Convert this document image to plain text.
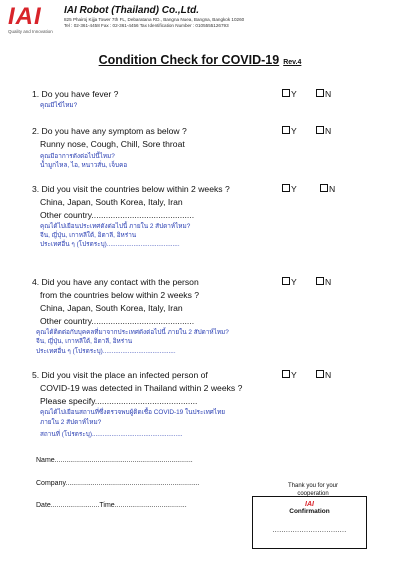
IAI
Quality and Innovation
IAI Robot (Thailand) Co.,Ltd.
825 Phairoj Kijja Tower 7th FL, Debaratana RD., Bangna Nuea, Bangna, Bangkok 10260
Tel : 02-361-4458 Fax : 02-361-4456 Tax Identification Number : 0105555126793
Condition Check for COVID-19 Rev.4
1. Do you have fever ?
คุณมีไข้ไหม?
Y	N
2. Do you have any symptom as below ?
Runny nose, Cough, Chill, Sore throat
คุณมีอาการดังต่อไปนี้ไหม?
น้ำมูกไหล, ไอ, หนาวสั่น, เจ็บคอ
Y	N
3. Did you visit the countries below within 2 weeks ?
China, Japan, South Korea, Italy, Iran
Other country...........................................
คุณได้ไปเยือนประเทศดังต่อไปนี้ ภายใน 2 สัปดาห์ไหม?
จีน, ญี่ปุ่น, เกาหลีใต้, อิตาลี, อิหร่าน
ประเทศอื่น ๆ (โปรดระบุ).........................................
Y	N
4. Did you have any contact with the person
from the countries below within 2 weeks ?
China, Japan, South Korea, Italy, Iran
Other country...........................................
คุณได้ติดต่อกับบุคคลที่มาจากประเทศดังต่อไปนี้ ภายใน 2 สัปดาห์ไหม?
จีน, ญี่ปุ่น, เกาหลีใต้, อิตาลี, อิหร่าน
ประเทศอื่น ๆ (โปรดระบุ).........................................
Y	N
5. Did you visit the place an infected person of
COVID-19 was detected in Thailand within 2 weeks ?
Please specify...........................................
คุณได้ไปเยือนสถานที่ซึ่งตรวจพบผู้ติดเชื้อ COVID-19 ในประเทศไทย
ภายใน 2 สัปดาห์ไหม?
สถานที่ (โปรดระบุ)...................................................
Y	N
Name.......................................................................
Company.....................................................................
Date.........................Time.....................................
Thank you for your
cooperation
IAI
Confirmation
.................................
